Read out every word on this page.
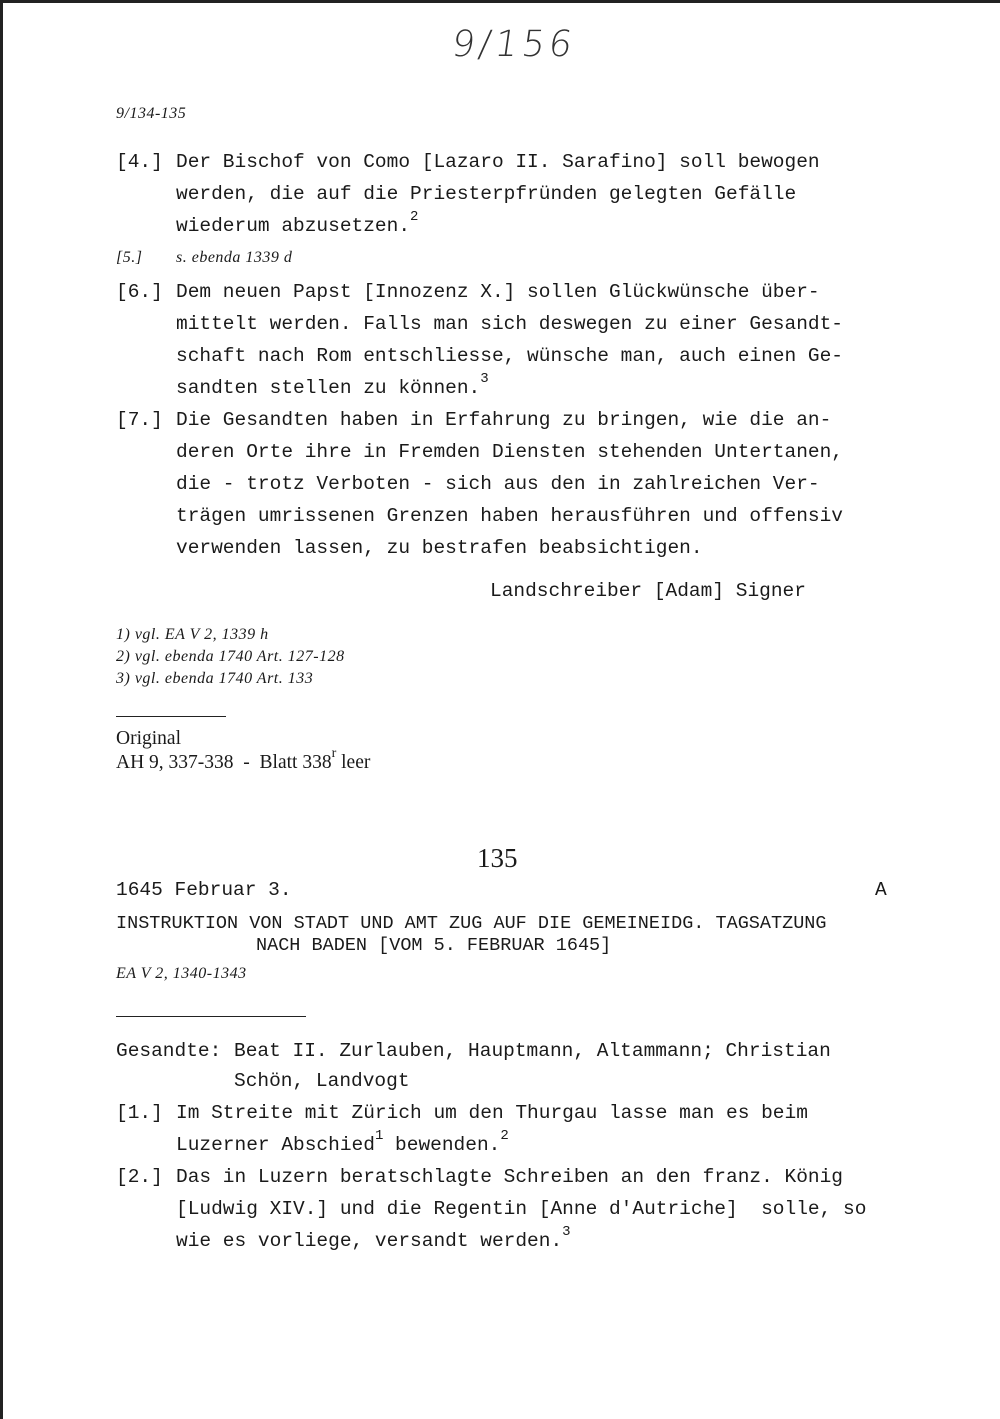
9/156
9/134-135
[4.] Der Bischof von Como [Lazaro II. Sarafino] soll bewogen
werden, die auf die Priesterpfründen gelegten Gefälle
wiederum abzusetzen.$^2$
[5.] s. ebenda 1339 d
[6.] Dem neuen Papst [Innozenz X.] sollen Glückwünsche über-
mittelt werden. Falls man sich deswegen zu einer Gesandt-
schaft nach Rom entschliesse, wünsche man, auch einen Ge-
sandten stellen zu können.$^3$
[7.] Die Gesandten haben in Erfahrung zu bringen, wie die an-
deren Orte ihre in Fremden Diensten stehenden Untertanen,
die - trotz Verboten - sich aus den in zahlreichen Ver-
trägen umrissenen Grenzen haben herausführen und offensiv
verwenden lassen, zu bestrafen beabsichtigen.
Landschreiber [Adam] Signer
1) vgl. EA V 2, 1339 h
2) vgl. ebenda 1740 Art. 127-128
3) vgl. ebenda 1740 Art. 133
Original
AH 9, 337-338  -  Blatt 338$^r$ leer
135
1645 Februar 3.	A
INSTRUKTION VON STADT UND AMT ZUG AUF DIE GEMEINEIDG. TAGSATZUNG
NACH BADEN [VOM 5. FEBRUAR 1645]
EA V 2, 1340-1343
Gesandte: Beat II. Zurlauben, Hauptmann, Altammann; Christian
Schön, Landvogt
[1.] Im Streite mit Zürich um den Thurgau lasse man es beim
Luzerner Abschied$^1$ bewenden.$^2$
[2.] Das in Luzern beratschlagte Schreiben an den franz. König
[Ludwig XIV.] und die Regentin [Anne d'Autriche]  solle, so
wie es vorliege, versandt werden.$^3$
